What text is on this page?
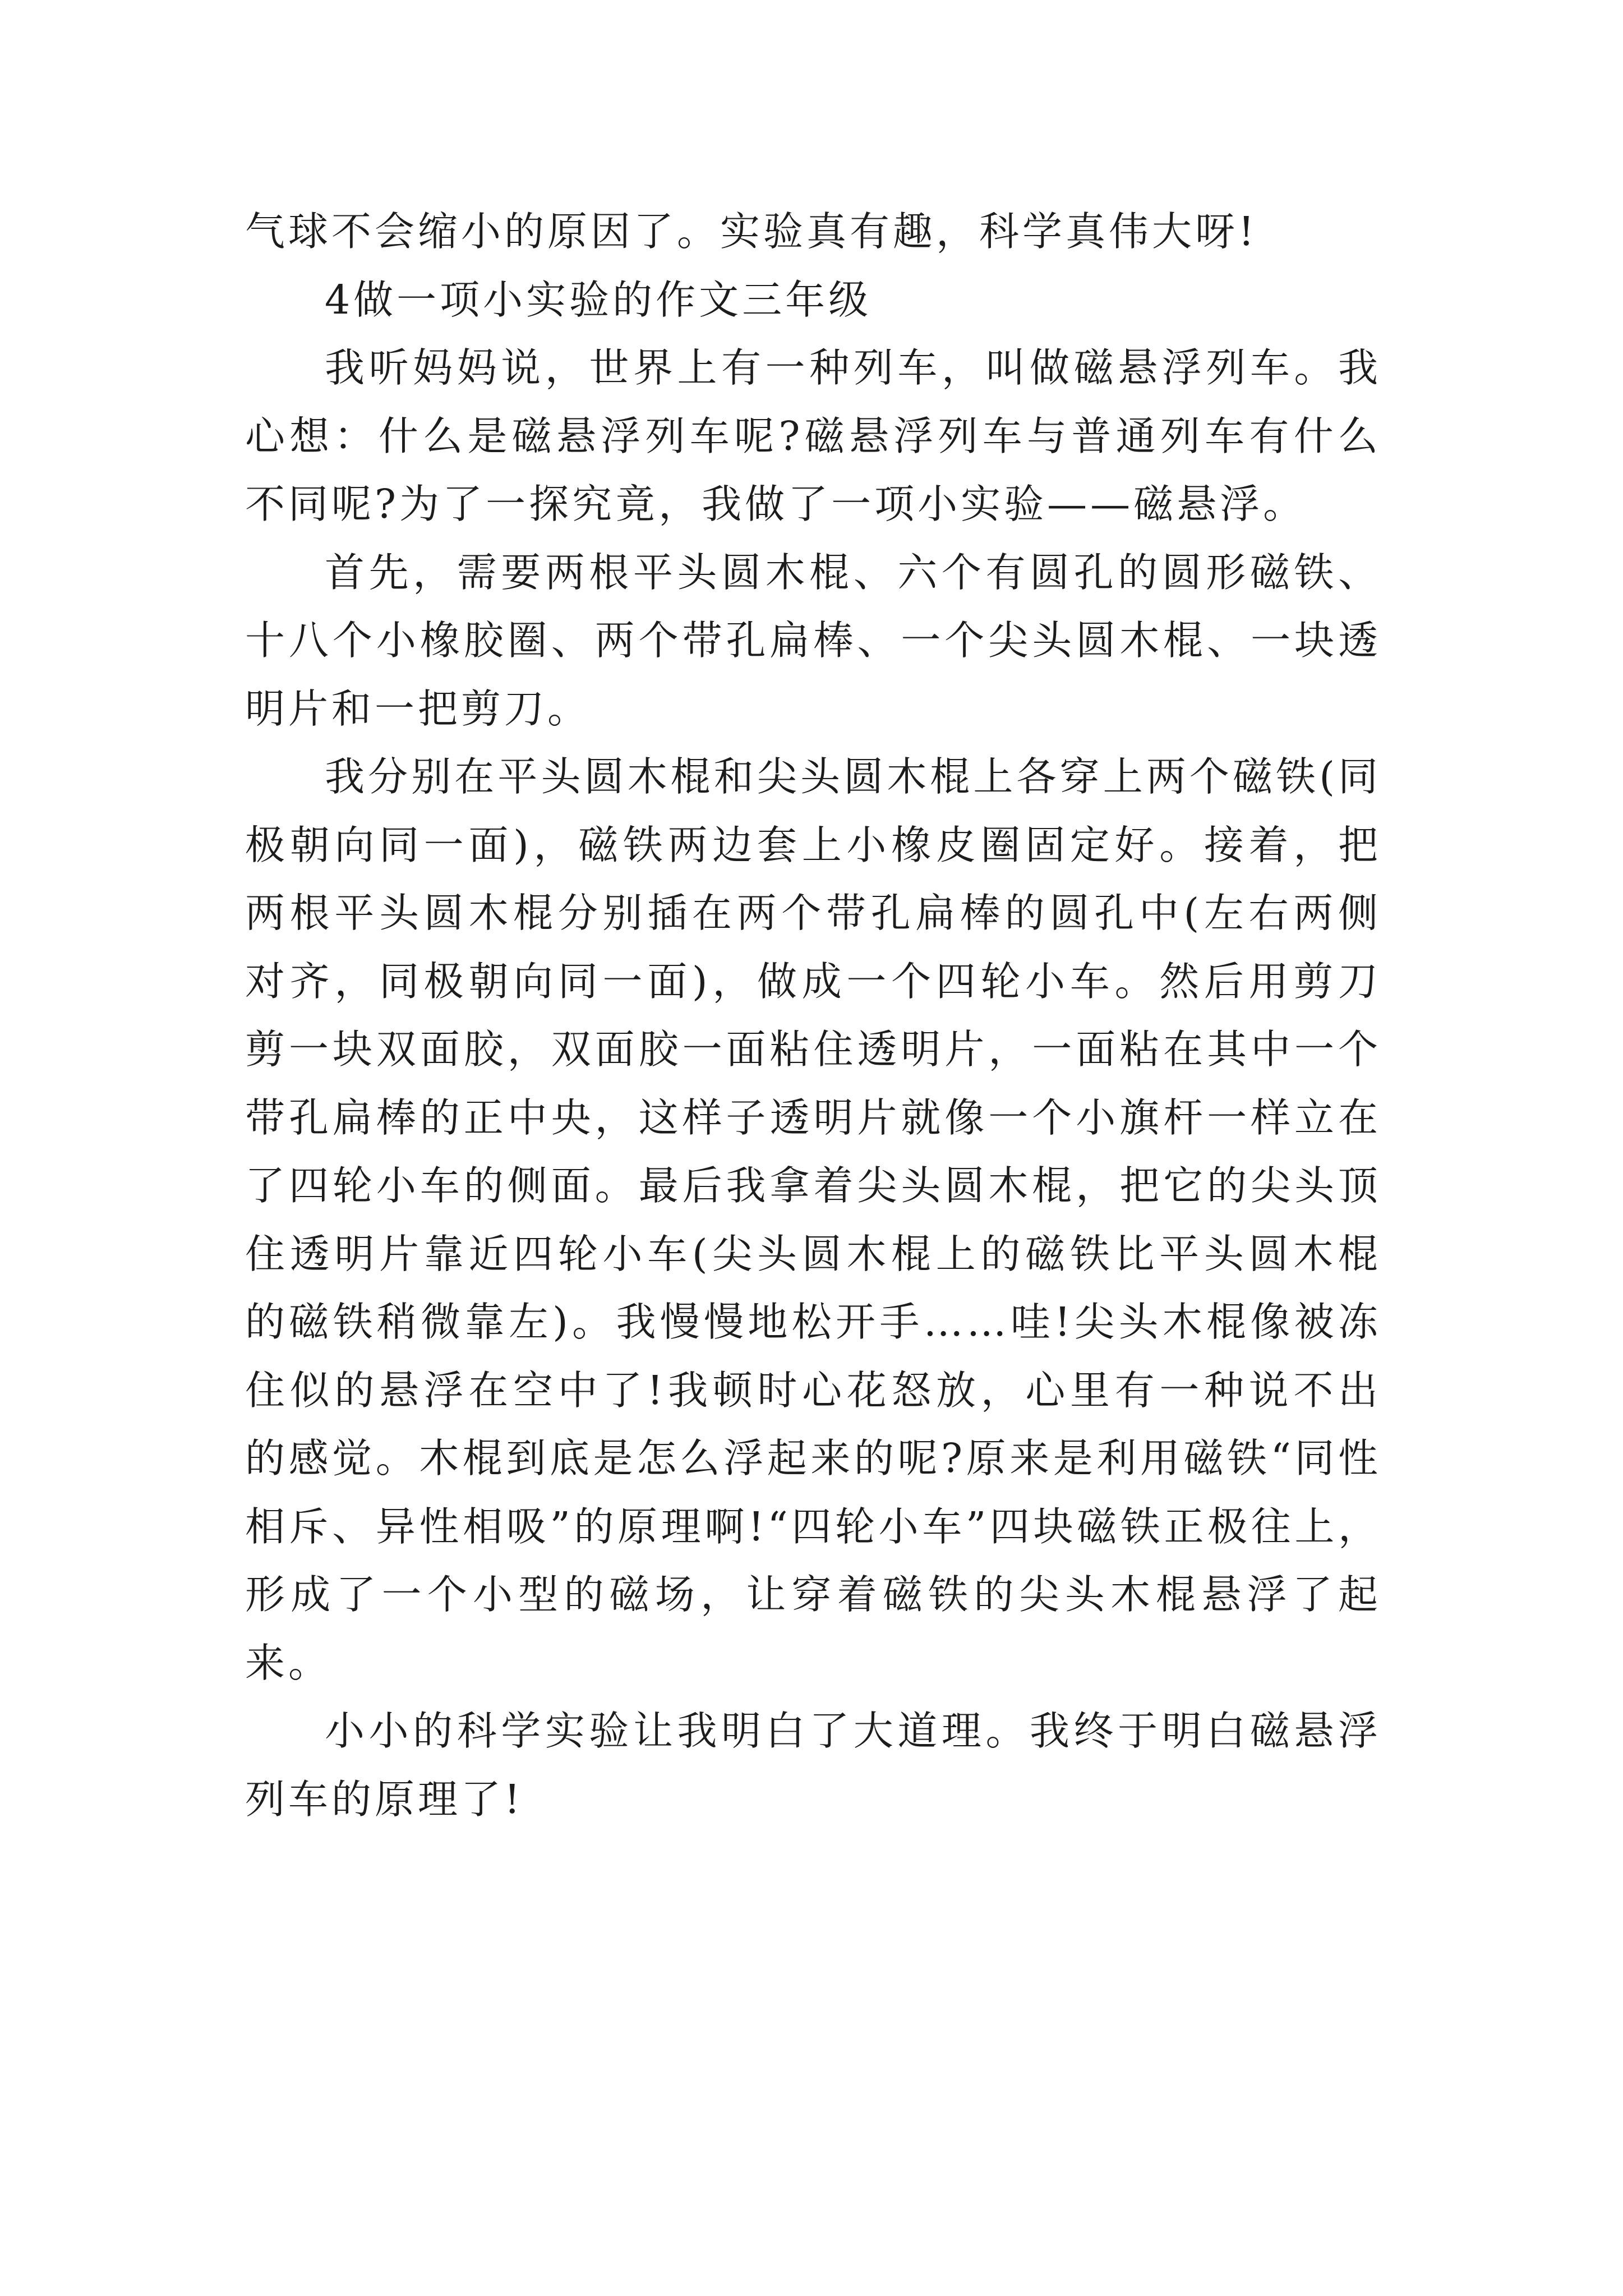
气球不会缩小的原因了。实验真有趣，科学真伟大呀!

4做一项小实验的作文三年级

我听妈妈说，世界上有一种列车，叫做磁悬浮列车。我心想：什么是磁悬浮列车呢?磁悬浮列车与普通列车有什么不同呢?为了一探究竟，我做了一项小实验——磁悬浮。

首先，需要两根平头圆木棍、六个有圆孔的圆形磁铁、十八个小橡胶圈、两个带孔扁棒、一个尖头圆木棍、一块透明片和一把剪刀。

我分别在平头圆木棍和尖头圆木棍上各穿上两个磁铁(同极朝向同一面)，磁铁两边套上小橡皮圈固定好。接着，把两根平头圆木棍分别插在两个带孔扁棒的圆孔中(左右两侧对齐，同极朝向同一面)，做成一个四轮小车。然后用剪刀剪一块双面胶，双面胶一面粘住透明片，一面粘在其中一个带孔扁棒的正中央，这样子透明片就像一个小旗杆一样立在了四轮小车的侧面。最后我拿着尖头圆木棍，把它的尖头顶住透明片靠近四轮小车(尖头圆木棍上的磁铁比平头圆木棍的磁铁稍微靠左)。我慢慢地松开手……哇!尖头木棍像被冻住似的悬浮在空中了!我顿时心花怒放，心里有一种说不出的感觉。木棍到底是怎么浮起来的呢?原来是利用磁铁“同性相斥、异性相吸”的原理啊!“四轮小车”四块磁铁正极往上，形成了一个小型的磁场，让穿着磁铁的尖头木棍悬浮了起来。

小小的科学实验让我明白了大道理。我终于明白磁悬浮列车的原理了!
